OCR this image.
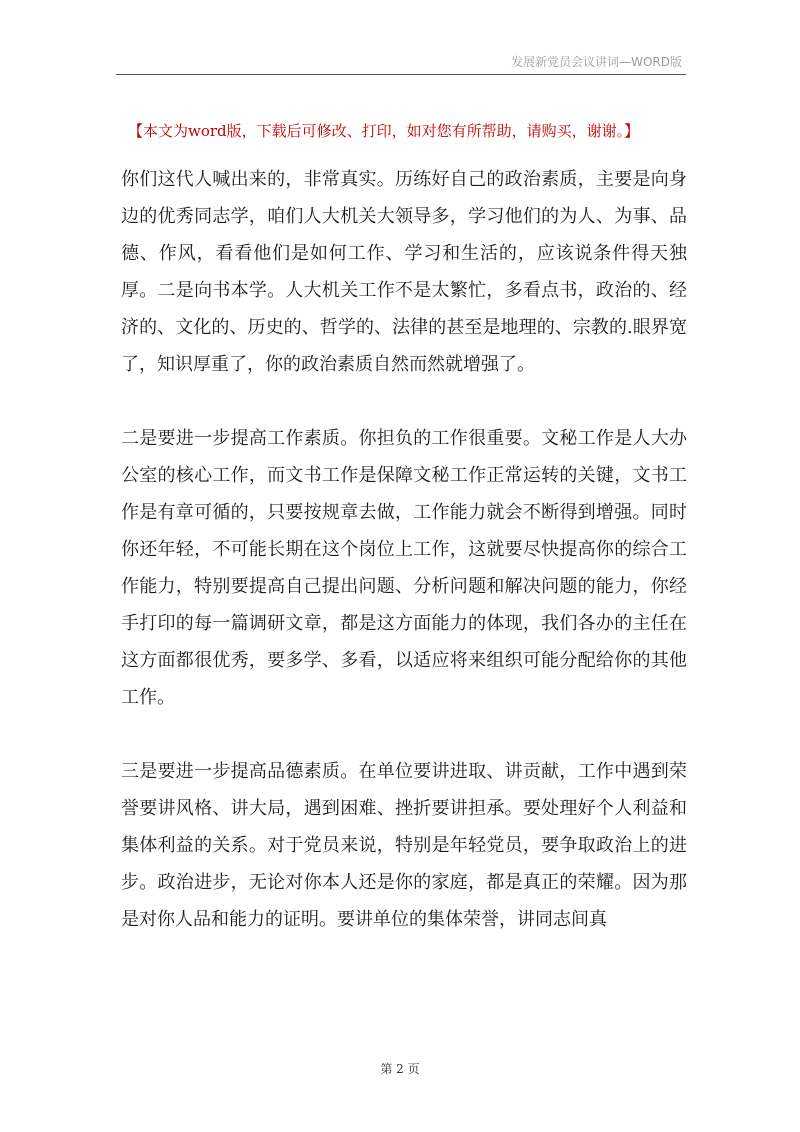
发展新党员会议讲词—WORD版
【本文为word版，下载后可修改、打印，如对您有所帮助，请购买，谢谢。】

你们这代人喊出来的，非常真实。历练好自己的政治素质，主要是向身边的优秀同志学，咱们人大机关大领导多，学习他们的为人、为事、品德、作风，看看他们是如何工作、学习和生活的，应该说条件得天独厚。二是向书本学。人大机关工作不是太繁忙，多看点书，政治的、经济的、文化的、历史的、哲学的、法律的甚至是地理的、宗教的.眼界宽了，知识厚重了，你的政治素质自然而然就增强了。

二是要进一步提高工作素质。你担负的工作很重要。文秘工作是人大办公室的核心工作，而文书工作是保障文秘工作正常运转的关键，文书工作是有章可循的，只要按规章去做，工作能力就会不断得到增强。同时你还年轻，不可能长期在这个岗位上工作，这就要尽快提高你的综合工作能力，特别要提高自己提出问题、分析问题和解决问题的能力，你经手打印的每一篇调研文章，都是这方面能力的体现，我们各办的主任在这方面都很优秀，要多学、多看，以适应将来组织可能分配给你的其他工作。

三是要进一步提高品德素质。在单位要讲进取、讲贡献，工作中遇到荣誉要讲风格、讲大局，遇到困难、挫折要讲担承。要处理好个人利益和集体利益的关系。对于党员来说，特别是年轻党员，要争取政治上的进步。政治进步，无论对你本人还是你的家庭，都是真正的荣耀。因为那是对你人品和能力的证明。要讲单位的集体荣誉，讲同志间真

第 2 页
